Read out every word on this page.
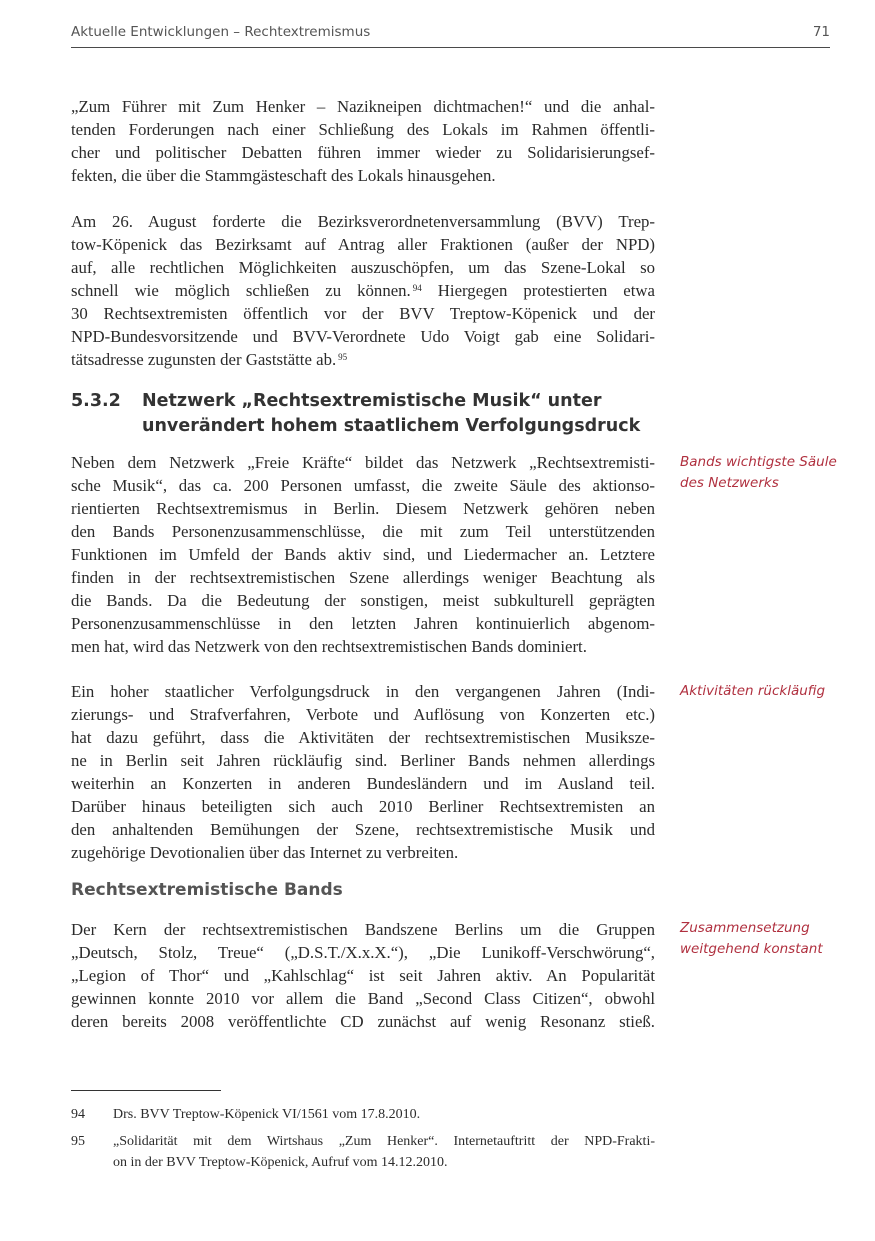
Aktuelle Entwicklungen – Rechtextremismus	71
„Zum Führer mit Zum Henker – Nazikneipen dichtmachen!“ und die anhal-
tenden Forderungen nach einer Schließung des Lokals im Rahmen öffentli-
cher und politischer Debatten führen immer wieder zu Solidarisierungsef-
fekten, die über die Stammgästeschaft des Lokals hinausgehen.
Am 26. August forderte die Bezirksverordnetenversammlung (BVV) Trep-
tow-Köpenick das Bezirksamt auf Antrag aller Fraktionen (außer der NPD)
auf, alle rechtlichen Möglichkeiten auszuschöpfen, um das Szene-Lokal so
schnell wie möglich schließen zu können. $^{94}$ Hiergegen protestierten etwa
30 Rechtsextremisten öffentlich vor der BVV Treptow-Köpenick und der
NPD-Bundesvorsitzende und BVV-Verordnete Udo Voigt gab eine Solidari-
tätsadresse zugunsten der Gaststätte ab. $^{95}$
5.3.2 Netzwerk „Rechtsextremistische Musik“ unter
unverändert hohem staatlichem Verfolgungsdruck
Neben dem Netzwerk „Freie Kräfte“ bildet das Netzwerk „Rechtsextremisti-
sche Musik“, das ca. 200 Personen umfasst, die zweite Säule des aktionso-
rientierten Rechtsextremismus in Berlin. Diesem Netzwerk gehören neben
den Bands Personenzusammenschlüsse, die mit zum Teil unterstützenden
Funktionen im Umfeld der Bands aktiv sind, und Liedermacher an. Letztere
finden in der rechtsextremistischen Szene allerdings weniger Beachtung als
die Bands. Da die Bedeutung der sonstigen, meist subkulturell geprägten
Personenzusammenschlüsse in den letzten Jahren kontinuierlich abgenom-
men hat, wird das Netzwerk von den rechtsextremistischen Bands dominiert.
Ein hoher staatlicher Verfolgungsdruck in den vergangenen Jahren (Indi-
zierungs- und Strafverfahren, Verbote und Auflösung von Konzerten etc.)
hat dazu geführt, dass die Aktivitäten der rechtsextremistischen Musiksze-
ne in Berlin seit Jahren rückläufig sind. Berliner Bands nehmen allerdings
weiterhin an Konzerten in anderen Bundesländern und im Ausland teil.
Darüber hinaus beteiligten sich auch 2010 Berliner Rechtsextremisten an
den anhaltenden Bemühungen der Szene, rechtsextremistische Musik und
zugehörige Devotionalien über das Internet zu verbreiten.
Rechtsextremistische Bands
Der Kern der rechtsextremistischen Bandszene Berlins um die Gruppen
„Deutsch, Stolz, Treue“ („D.S.T./X.x.X.“), „Die Lunikoff-Verschwörung“,
„Legion of Thor“ und „Kahlschlag“ ist seit Jahren aktiv. An Popularität
gewinnen konnte 2010 vor allem die Band „Second Class Citizen“, obwohl
deren bereits 2008 veröffentlichte CD zunächst auf wenig Resonanz stieß.
Bands wichtigste Säule
des Netzwerks
Aktivitäten rückläufig
Zusammensetzung
weitgehend konstant
94 Drs. BVV Treptow-Köpenick VI/1561 vom 17.8.2010.
95 „Solidarität mit dem Wirtshaus „Zum Henker“. Internetauftritt der NPD-Frakti-
on in der BVV Treptow-Köpenick, Aufruf vom 14.12.2010.
